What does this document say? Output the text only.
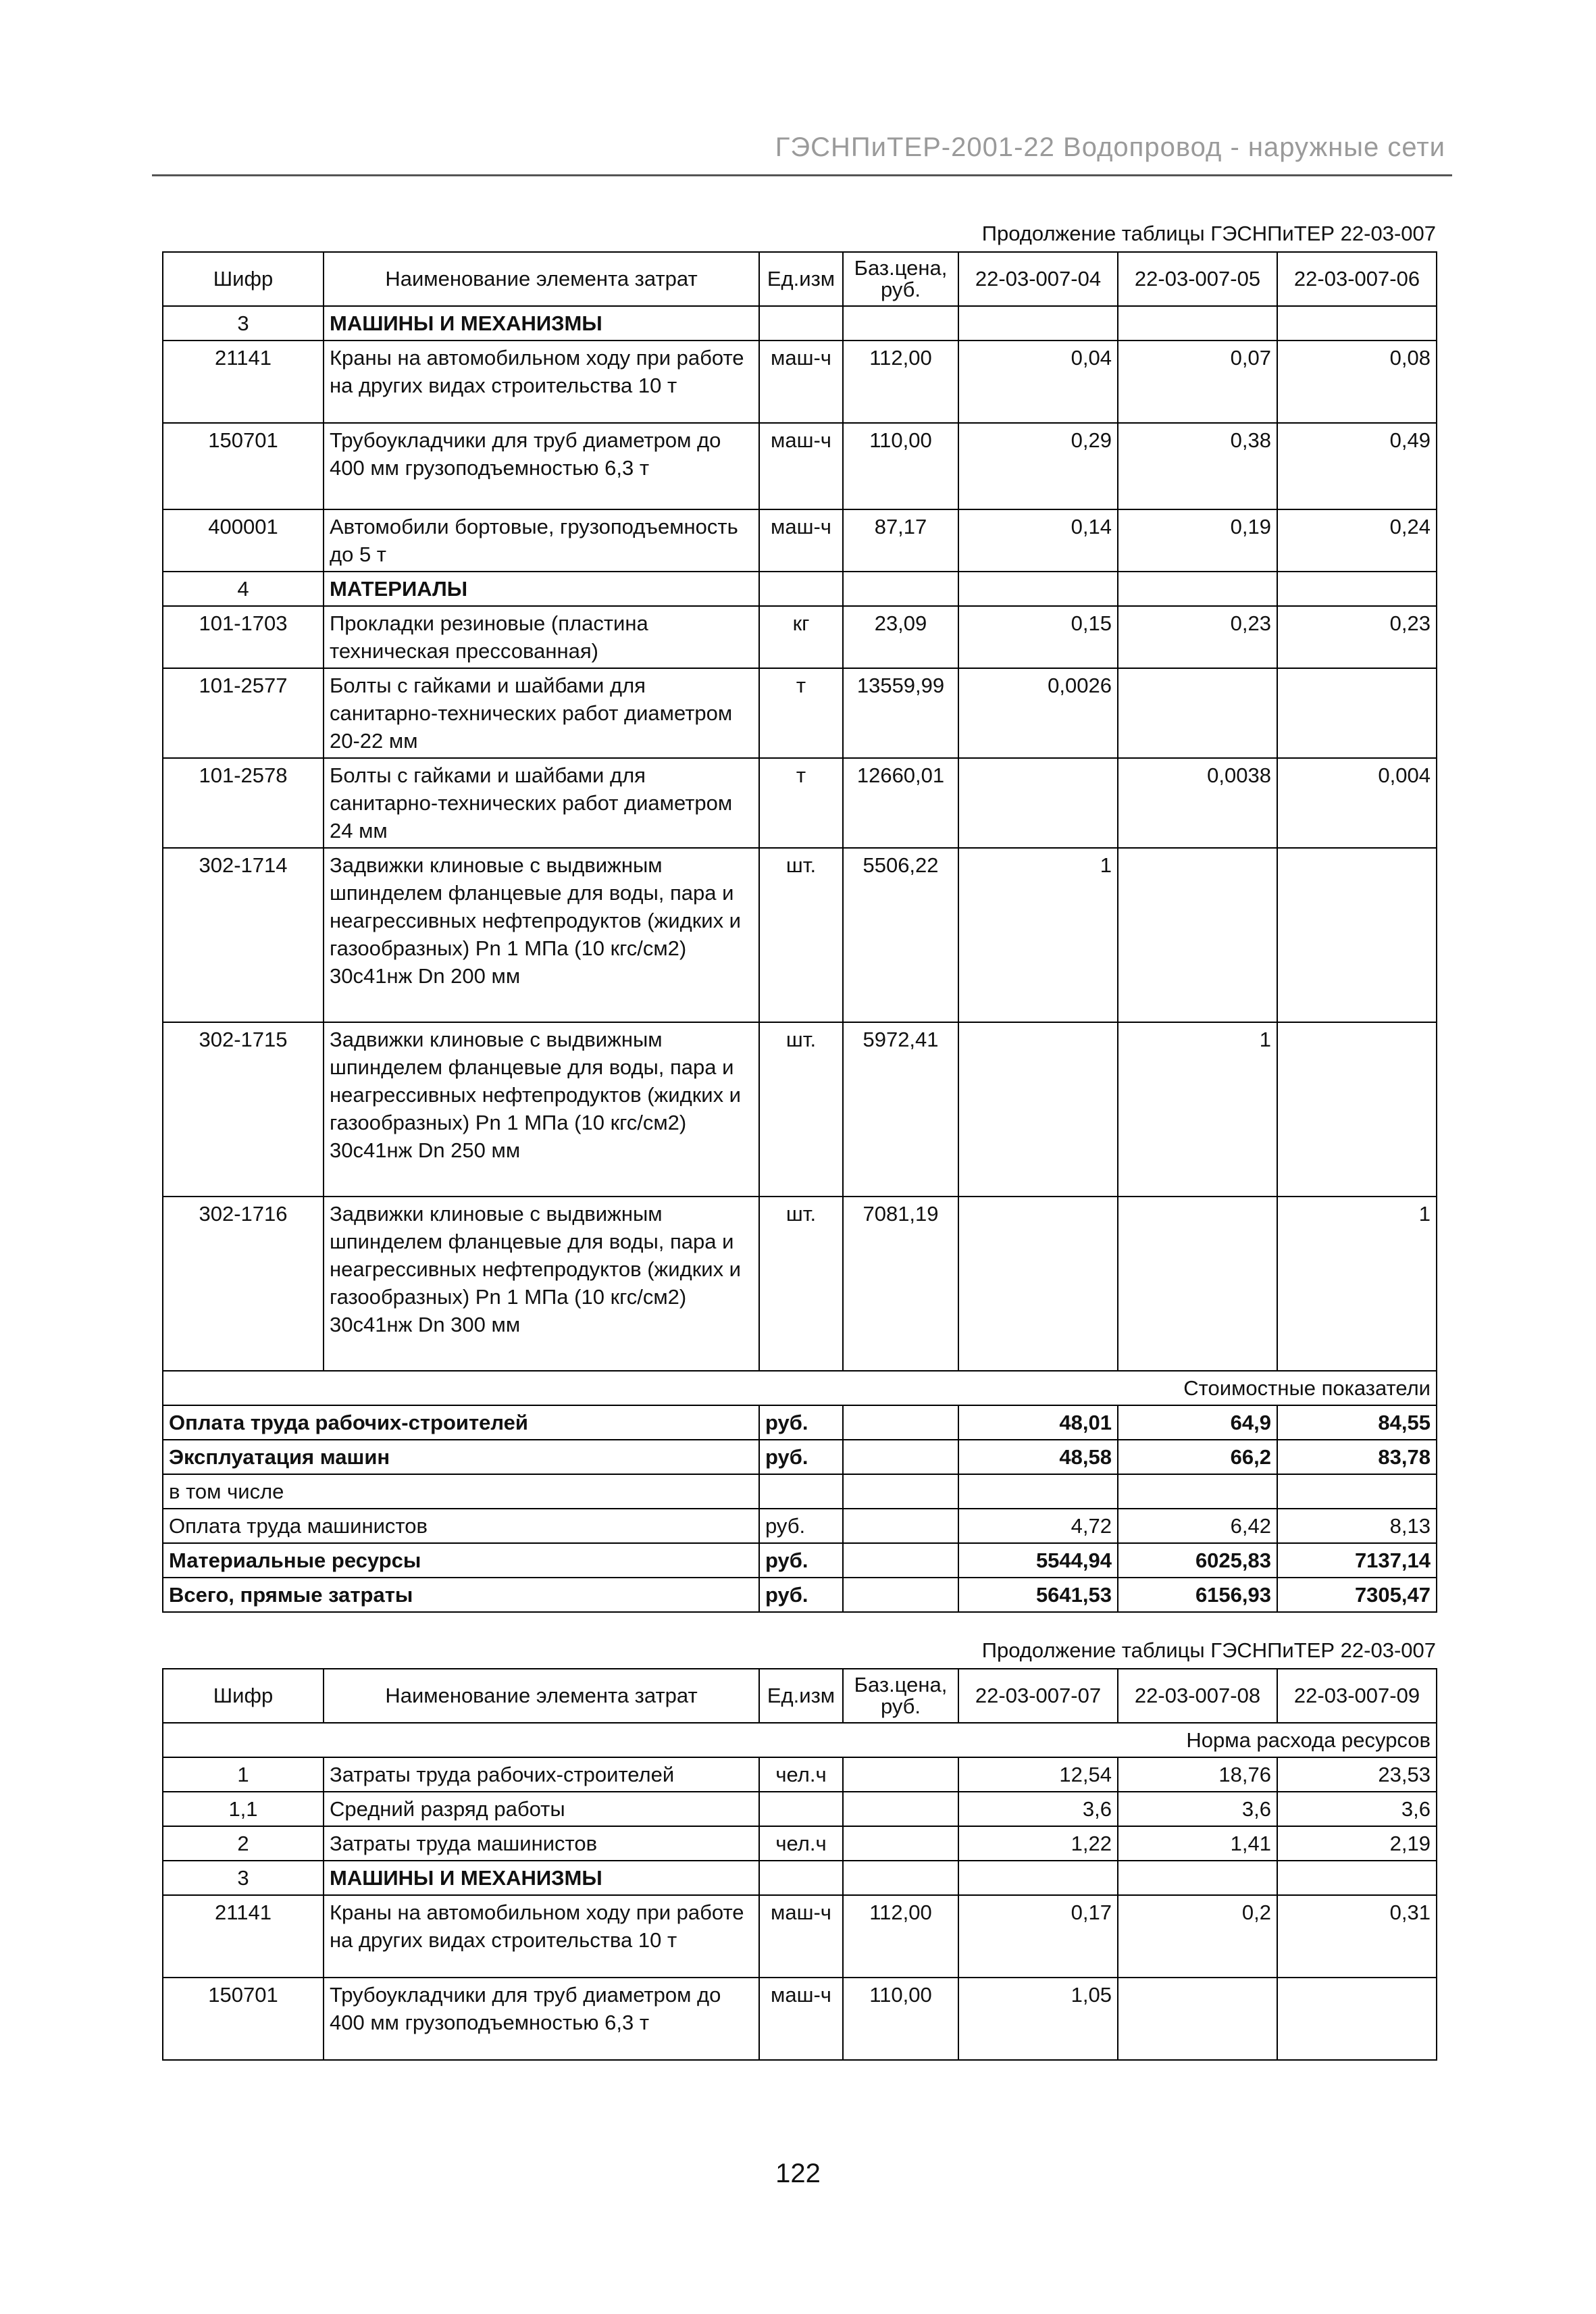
ГЭСНПиТЕР-2001-22 Водопровод - наружные сети
Продолжение таблицы ГЭСНПиТЕР 22-03-007
Шифр	Наименование элемента затрат	Ед.изм	Баз.цена, руб.	22-03-007-04	22-03-007-05	22-03-007-06
3	МАШИНЫ И МЕХАНИЗМЫ					
21141	Краны на автомобильном ходу при работе на других видах строительства 10 т	маш-ч	112,00	0,04	0,07	0,08
150701	Трубоукладчики для труб диаметром до 400 мм грузоподъемностью 6,3 т	маш-ч	110,00	0,29	0,38	0,49
400001	Автомобили бортовые, грузоподъемность до 5 т	маш-ч	87,17	0,14	0,19	0,24
4	МАТЕРИАЛЫ					
101-1703	Прокладки резиновые (пластина техническая прессованная)	кг	23,09	0,15	0,23	0,23
101-2577	Болты с гайками и шайбами для санитарно-технических работ диаметром 20-22 мм	т	13559,99	0,0026		
101-2578	Болты с гайками и шайбами для санитарно-технических работ диаметром 24 мм	т	12660,01		0,0038	0,004
302-1714	Задвижки клиновые с выдвижным шпинделем фланцевые для воды, пара и неагрессивных нефтепродуктов (жидких и газообразных) Рn 1 МПа (10 кгс/см2) 30с41нж Dn 200 мм	шт.	5506,22	1		
302-1715	Задвижки клиновые с выдвижным шпинделем фланцевые для воды, пара и неагрессивных нефтепродуктов (жидких и газообразных) Рn 1 МПа (10 кгс/см2) 30с41нж Dn 250 мм	шт.	5972,41		1	
302-1716	Задвижки клиновые с выдвижным шпинделем фланцевые для воды, пара и неагрессивных нефтепродуктов (жидких и газообразных) Рn 1 МПа (10 кгс/см2) 30с41нж Dn 300 мм	шт.	7081,19			1
Стоимостные показатели						
Оплата труда рабочих-строителей		руб.		48,01	64,9	84,55
Эксплуатация машин		руб.		48,58	66,2	83,78
в том числе						
Оплата труда машинистов		руб.		4,72	6,42	8,13
Материальные ресурсы		руб.		5544,94	6025,83	7137,14
Всего, прямые затраты		руб.		5641,53	6156,93	7305,47
Продолжение таблицы ГЭСНПиТЕР 22-03-007
Шифр	Наименование элемента затрат	Ед.изм	Баз.цена, руб.	22-03-007-07	22-03-007-08	22-03-007-09
Норма расхода ресурсов						
1	Затраты труда рабочих-строителей	чел.ч		12,54	18,76	23,53
1,1	Средний разряд работы			3,6	3,6	3,6
2	Затраты труда машинистов	чел.ч		1,22	1,41	2,19
3	МАШИНЫ И МЕХАНИЗМЫ					
21141	Краны на автомобильном ходу при работе на других видах строительства 10 т	маш-ч	112,00	0,17	0,2	0,31
150701	Трубоукладчики для труб диаметром до 400 мм грузоподъемностью 6,3 т	маш-ч	110,00	1,05		
122
